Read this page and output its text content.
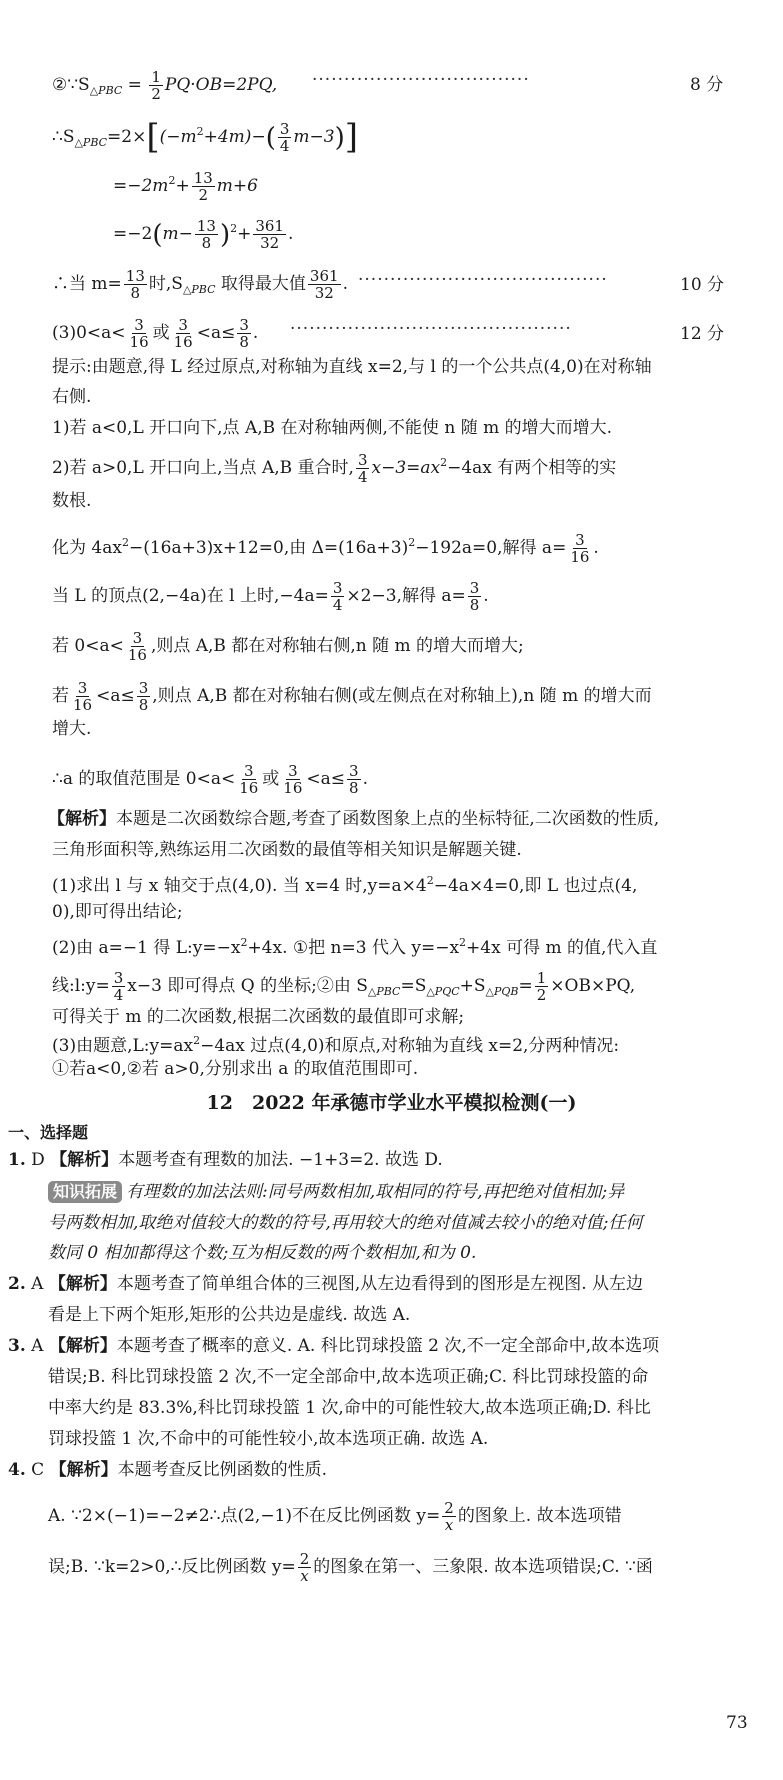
$②\because S_{\triangle PBC} = \frac{1}{2} PQ\cdot OB=2PQ$, ··································	8 分
$\therefore S_{\triangle PBC}=2\times[(-m^2+4m)-( \frac{3}{4} m-3)]$
$=-2m^2+ \frac{13}{2} m+6$
$=-2(m- \frac{13}{8} )^2+ \frac{361}{32}$ .
∴当 $m= \frac{13}{8}$ 时$,S_{\triangle PBC}$ 取得最大值 $\frac{361}{32}$ . ·······································	10 分
$(3)0<a< \frac{3}{16}$ 或 $\frac{3}{16} <a\le \frac{3}{8}$ . ············································	12 分
提示:由题意,得 L 经过原点,对称轴为直线 x=2,与 l 的一个公共点(4,0)在对称轴
右侧.
1)若 a<0,L 开口向下,点 A,B 在对称轴两侧,不能使 n 随 m 的增大而增大.
2)若 a>0,L 开口向上,当点 A,B 重合时, $\frac{3}{4} x-3=ax^2-4ax$ 有两个相等的实
数根.
化为 $4ax^2-(16a+3)x+12=0$,由 $\Delta=(16a+3)^2-192a=0$,解得 $a= \frac{3}{16}$ .
当 L 的顶点(2,−4a)在 l 上时$,-4a= \frac{3}{4} \times 2-3$,解得 $a= \frac{3}{8}$ .
若 $0<a< \frac{3}{16}$ ,则点 A,B 都在对称轴右侧,n 随 m 的增大而增大;
若 $\frac{3}{16} <a\le \frac{3}{8}$ ,则点 A,B 都在对称轴右侧(或左侧点在对称轴上),n 随 m 的增大而
增大.
∴a 的取值范围是 $0<a< \frac{3}{16}$ 或 $\frac{3}{16} <a\le \frac{3}{8}$ .
【解析】本题是二次函数综合题,考查了函数图象上点的坐标特征,二次函数的性质,
三角形面积等,熟练运用二次函数的最值等相关知识是解题关键.
(1)求出 l 与 x 轴交于点(4,0). 当 x=4 时$,y=a\times 4^2-4a\times 4=0$,即 L 也过点(4,
0),即可得出结论;
(2)由 a=−1 得 $L:y=-x^2+4x$. ①把 n=3 代入 $y=-x^2+4x$ 可得 m 的值,代入直
线:l:y= $\frac{3}{4} x-3$ 即可得点 Q 的坐标;②由 $S_{\triangle PBC}=S_{\triangle PQC}+S_{\triangle PQB}= \frac{1}{2} \times OB\times PQ$,
可得关于 m 的二次函数,根据二次函数的最值即可求解;
12　2022 年承德市学业水平模拟检测(一)
一、选择题
1. D 【解析】本题考查有理数的加法. −1+3=2. 故选 D.
知识拓展 有理数的加法法则:同号两数相加,取相同的符号,再把绝对值相加;异
号两数相加,取绝对值较大的数的符号,再用较大的绝对值减去较小的绝对值;任何
数同 0 相加都得这个数;互为相反数的两个数相加,和为 0.
2. A 【解析】本题考查了简单组合体的三视图,从左边看得到的图形是左视图. 从左边
看是上下两个矩形,矩形的公共边是虚线. 故选 A.
3. A 【解析】本题考查了概率的意义. A. 科比罚球投篮 2 次,不一定全部命中,故本选项
错误;B. 科比罚球投篮 2 次,不一定全部命中,故本选项正确;C. 科比罚球投篮的命
中率大约是 83.3%,科比罚球投篮 1 次,命中的可能性较大,故本选项正确;D. 科比
罚球投篮 1 次,不命中的可能性较小,故本选项正确. 故选 A.
4. C 【解析】本题考查反比例函数的性质.
A. ∵2×(−1)=−2≠2∴点(2,−1)不在反比例函数 $y= \frac{2}{x}$ 的图象上. 故本选项错
误;B. ∵k=2>0,∴反比例函数 $y= \frac{2}{x}$ 的图象在第一、三象限. 故本选项错误;C. ∵函
73
(3)由题意$,L:y=ax^2-4ax$ 过点(4,0)和原点,对称轴为直线 x=2,分两种情况:
①若a<0,②若 a>0,分别求出 a 的取值范围即可.
